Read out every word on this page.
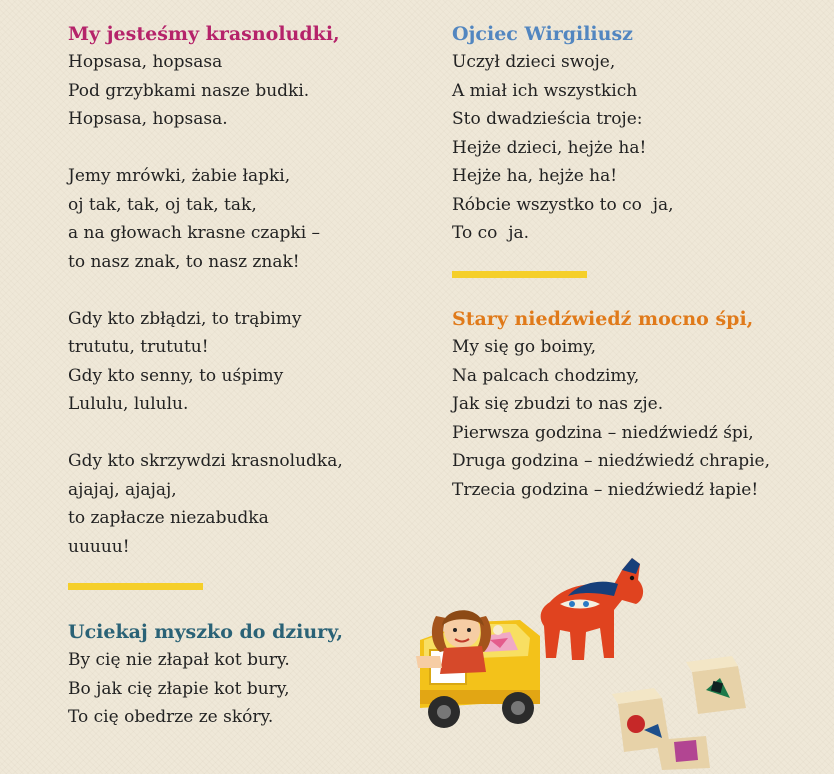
My jesteśmy krasnoludki,

Hopsasa, hopsasa

Pod grzybkami nasze budki.

Hopsasa, hopsasa.

Jemy mrówki, żabie łapki,

oj tak, tak, oj tak, tak,

a na głowach krasne czapki –

to nasz znak, to nasz znak!

Gdy kto zbłądzi, to trąbimy

trututu, trututu!

Gdy kto senny, to uśpimy

Lululu, lululu.

Gdy kto skrzywdzi krasnoludka,

ajajaj, ajajaj,

to zapłacze niezabudka

uuuuu!

Uciekaj myszko do dziury,

By cię nie złapał kot bury.

Bo jak cię złapie kot bury,

To cię obedrze ze skóry.

Ojciec Wirgiliusz

Uczył dzieci swoje,

A miał ich wszystkich

Sto dwadzieścia troje:

Hejże dzieci, hejże ha!

Hejże ha, hejże ha!

Róbcie wszystko to co  ja,

To co  ja.

Stary niedźwiedź mocno śpi,

My się go boimy,

Na palcach chodzimy,

Jak się zbudzi to nas zje.

Pierwsza godzina – niedźwiedź śpi,

Druga godzina – niedźwiedź chrapie,

Trzecia godzina – niedźwiedź łapie!
